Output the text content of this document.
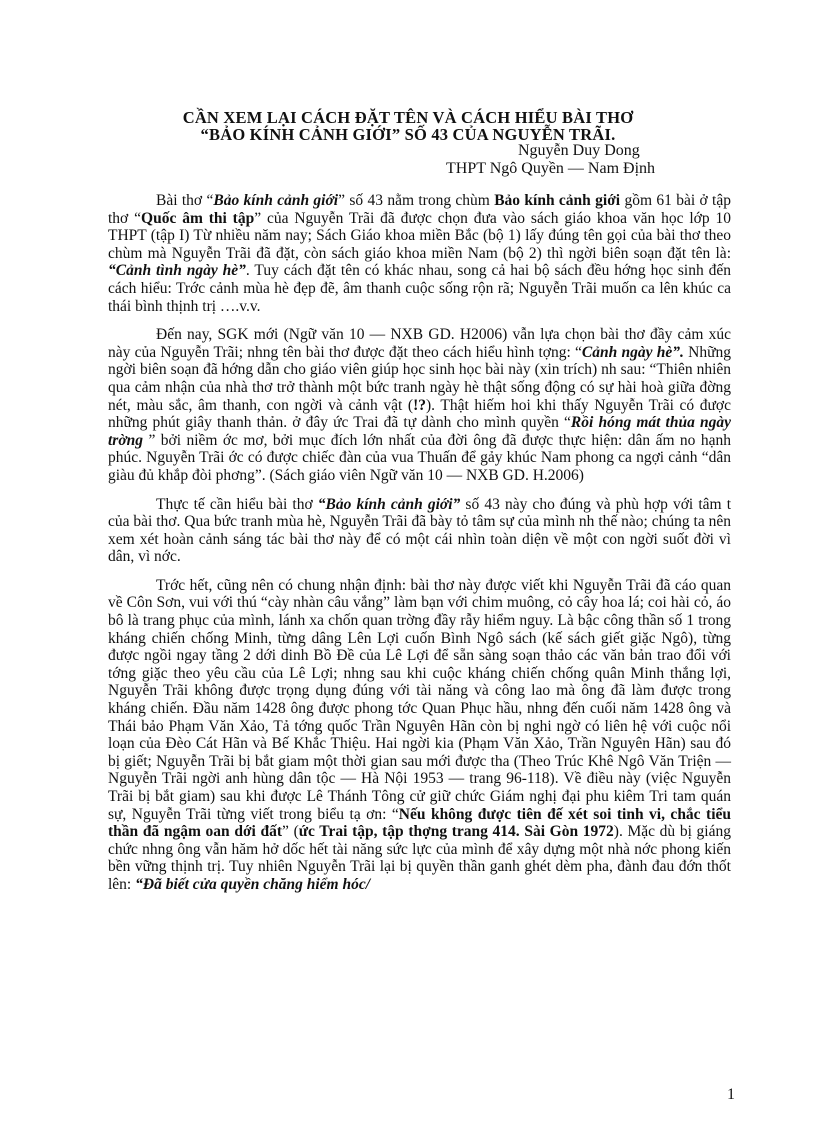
CẦN XEM LẠI CÁCH ĐẶT TÊN VÀ CÁCH HIỂU BÀI THƠ
“BẢO KÍNH CẢNH GIỚI” SỐ 43 CỦA NGUYỄN TRÃI.
Nguyễn Duy Dong
THPT Ngô Quyền — Nam Định

Bài thơ “Bảo kính cảnh giới” số 43 nằm trong chùm Bảo kính cảnh giới gồm 61 bài ở tập thơ “Quốc âm thi tập” của Nguyễn Trãi đã được chọn đưa vào sách giáo khoa văn học lớp 10 THPT (tập I) Từ nhiều năm nay; Sách Giáo khoa miền Bắc (bộ 1) lấy đúng tên gọi của bài thơ theo chùm mà Nguyễn Trãi đã đặt, còn sách giáo khoa miền Nam (bộ 2) thì ngời biên soạn đặt tên là: “Cảnh tình ngày hè”. Tuy cách đặt tên có khác nhau, song cả hai bộ sách đều hớng học sinh đến cách hiểu: Trớc cảnh mùa hè đẹp đẽ, âm thanh cuộc sống rộn rã; Nguyễn Trãi muốn ca lên khúc ca thái bình thịnh trị ….v.v.

Đến nay, SGK mới (Ngữ văn 10 — NXB GD. H2006) vẫn lựa chọn bài thơ đầy cảm xúc này của Nguyễn Trãi; nhng tên bài thơ được đặt theo cách hiểu hình tợng: “Cảnh ngày hè”. Những ngời biên soạn đã hớng dẫn cho giáo viên giúp học sinh học bài này (xin trích) nh sau: “Thiên nhiên qua cảm nhận của nhà thơ trở thành một bức tranh ngày hè thật sống động có sự hài hoà giữa đờng nét, màu sắc, âm thanh, con ngời và cảnh vật (!?). Thật hiếm hoi khi thấy Nguyễn Trãi có được những phút giây thanh thản. ở đây ức Trai đã tự dành cho mình quyền “Rồi hóng mát thủa ngày trờng ” bởi niềm ớc mơ, bởi mục đích lớn nhất của đời ông đã được thực hiện: dân ấm no hạnh phúc. Nguyễn Trãi ớc có được chiếc đàn của vua Thuấn để gảy khúc Nam phong ca ngợi cảnh “dân giàu đủ khắp đòi phơng”. (Sách giáo viên Ngữ văn 10 — NXB GD. H.2006)

Thực tế cần hiểu bài thơ “Bảo kính cảnh giới” số 43 này cho đúng và phù hợp với tâm t của bài thơ. Qua bức tranh mùa hè, Nguyễn Trãi đã bày tỏ tâm sự của mình nh thế nào; chúng ta nên xem xét hoàn cảnh sáng tác bài thơ này để có một cái nhìn toàn diện về một con ngời suốt đời vì dân, vì nớc.

Trớc hết, cũng nên có chung nhận định: bài thơ này được viết khi Nguyễn Trãi đã cáo quan về Côn Sơn, vui với thú “cày nhàn câu vắng” làm bạn với chim muông, cỏ cây hoa lá; coi hài cỏ, áo bô là trang phục của mình, lánh xa chốn quan trờng đầy rẫy hiểm nguy. Là bậc công thần số 1 trong kháng chiến chống Minh, từng dâng Lên Lợi cuốn Bình Ngô sách (kế sách giết giặc Ngô), từng được ngồi ngay tầng 2 dới dinh Bồ Đề của Lê Lợi để sẵn sàng soạn thảo các văn bản trao đổi với tớng giặc theo yêu cầu của Lê Lợi; nhng sau khi cuộc kháng chiến chống quân Minh thắng lợi, Nguyễn Trãi không được trọng dụng đúng với tài năng và công lao mà ông đã làm được trong kháng chiến. Đầu năm 1428 ông được phong tớc Quan Phục hầu, nhng đến cuối năm 1428 ông và Thái bảo Phạm Văn Xảo, Tả tớng quốc Trần Nguyên Hãn còn bị nghi ngờ có liên hệ với cuộc nổi loạn của Đèo Cát Hãn và Bế Khắc Thiệu. Hai ngời kia (Phạm Văn Xảo, Trần Nguyên Hãn) sau đó bị giết; Nguyễn Trãi bị bắt giam một thời gian sau mới được tha (Theo Trúc Khê Ngô Văn Triện — Nguyễn Trãi ngời anh hùng dân tộc — Hà Nội 1953 — trang 96-118). Về điều này (việc Nguyễn Trãi bị bắt giam) sau khi được Lê Thánh Tông cử giữ chức Giám nghị đại phu kiêm Tri tam quán sự, Nguyễn Trãi từng viết trong biểu tạ ơn: “Nếu không được tiên đế xét soi tinh vi, chắc tiểu thần đã ngậm oan dới đất” (ức Trai tập, tập thợng trang 414. Sài Gòn 1972). Mặc dù bị giáng chức nhng ông vẫn hăm hở dốc hết tài năng sức lực của mình để xây dựng một nhà nớc phong kiến bền vững thịnh trị. Tuy nhiên Nguyễn Trãi lại bị quyền thần ganh ghét dèm pha, đành đau đớn thốt lên: “Đã biết cửa quyền chăng hiểm hóc/

1
